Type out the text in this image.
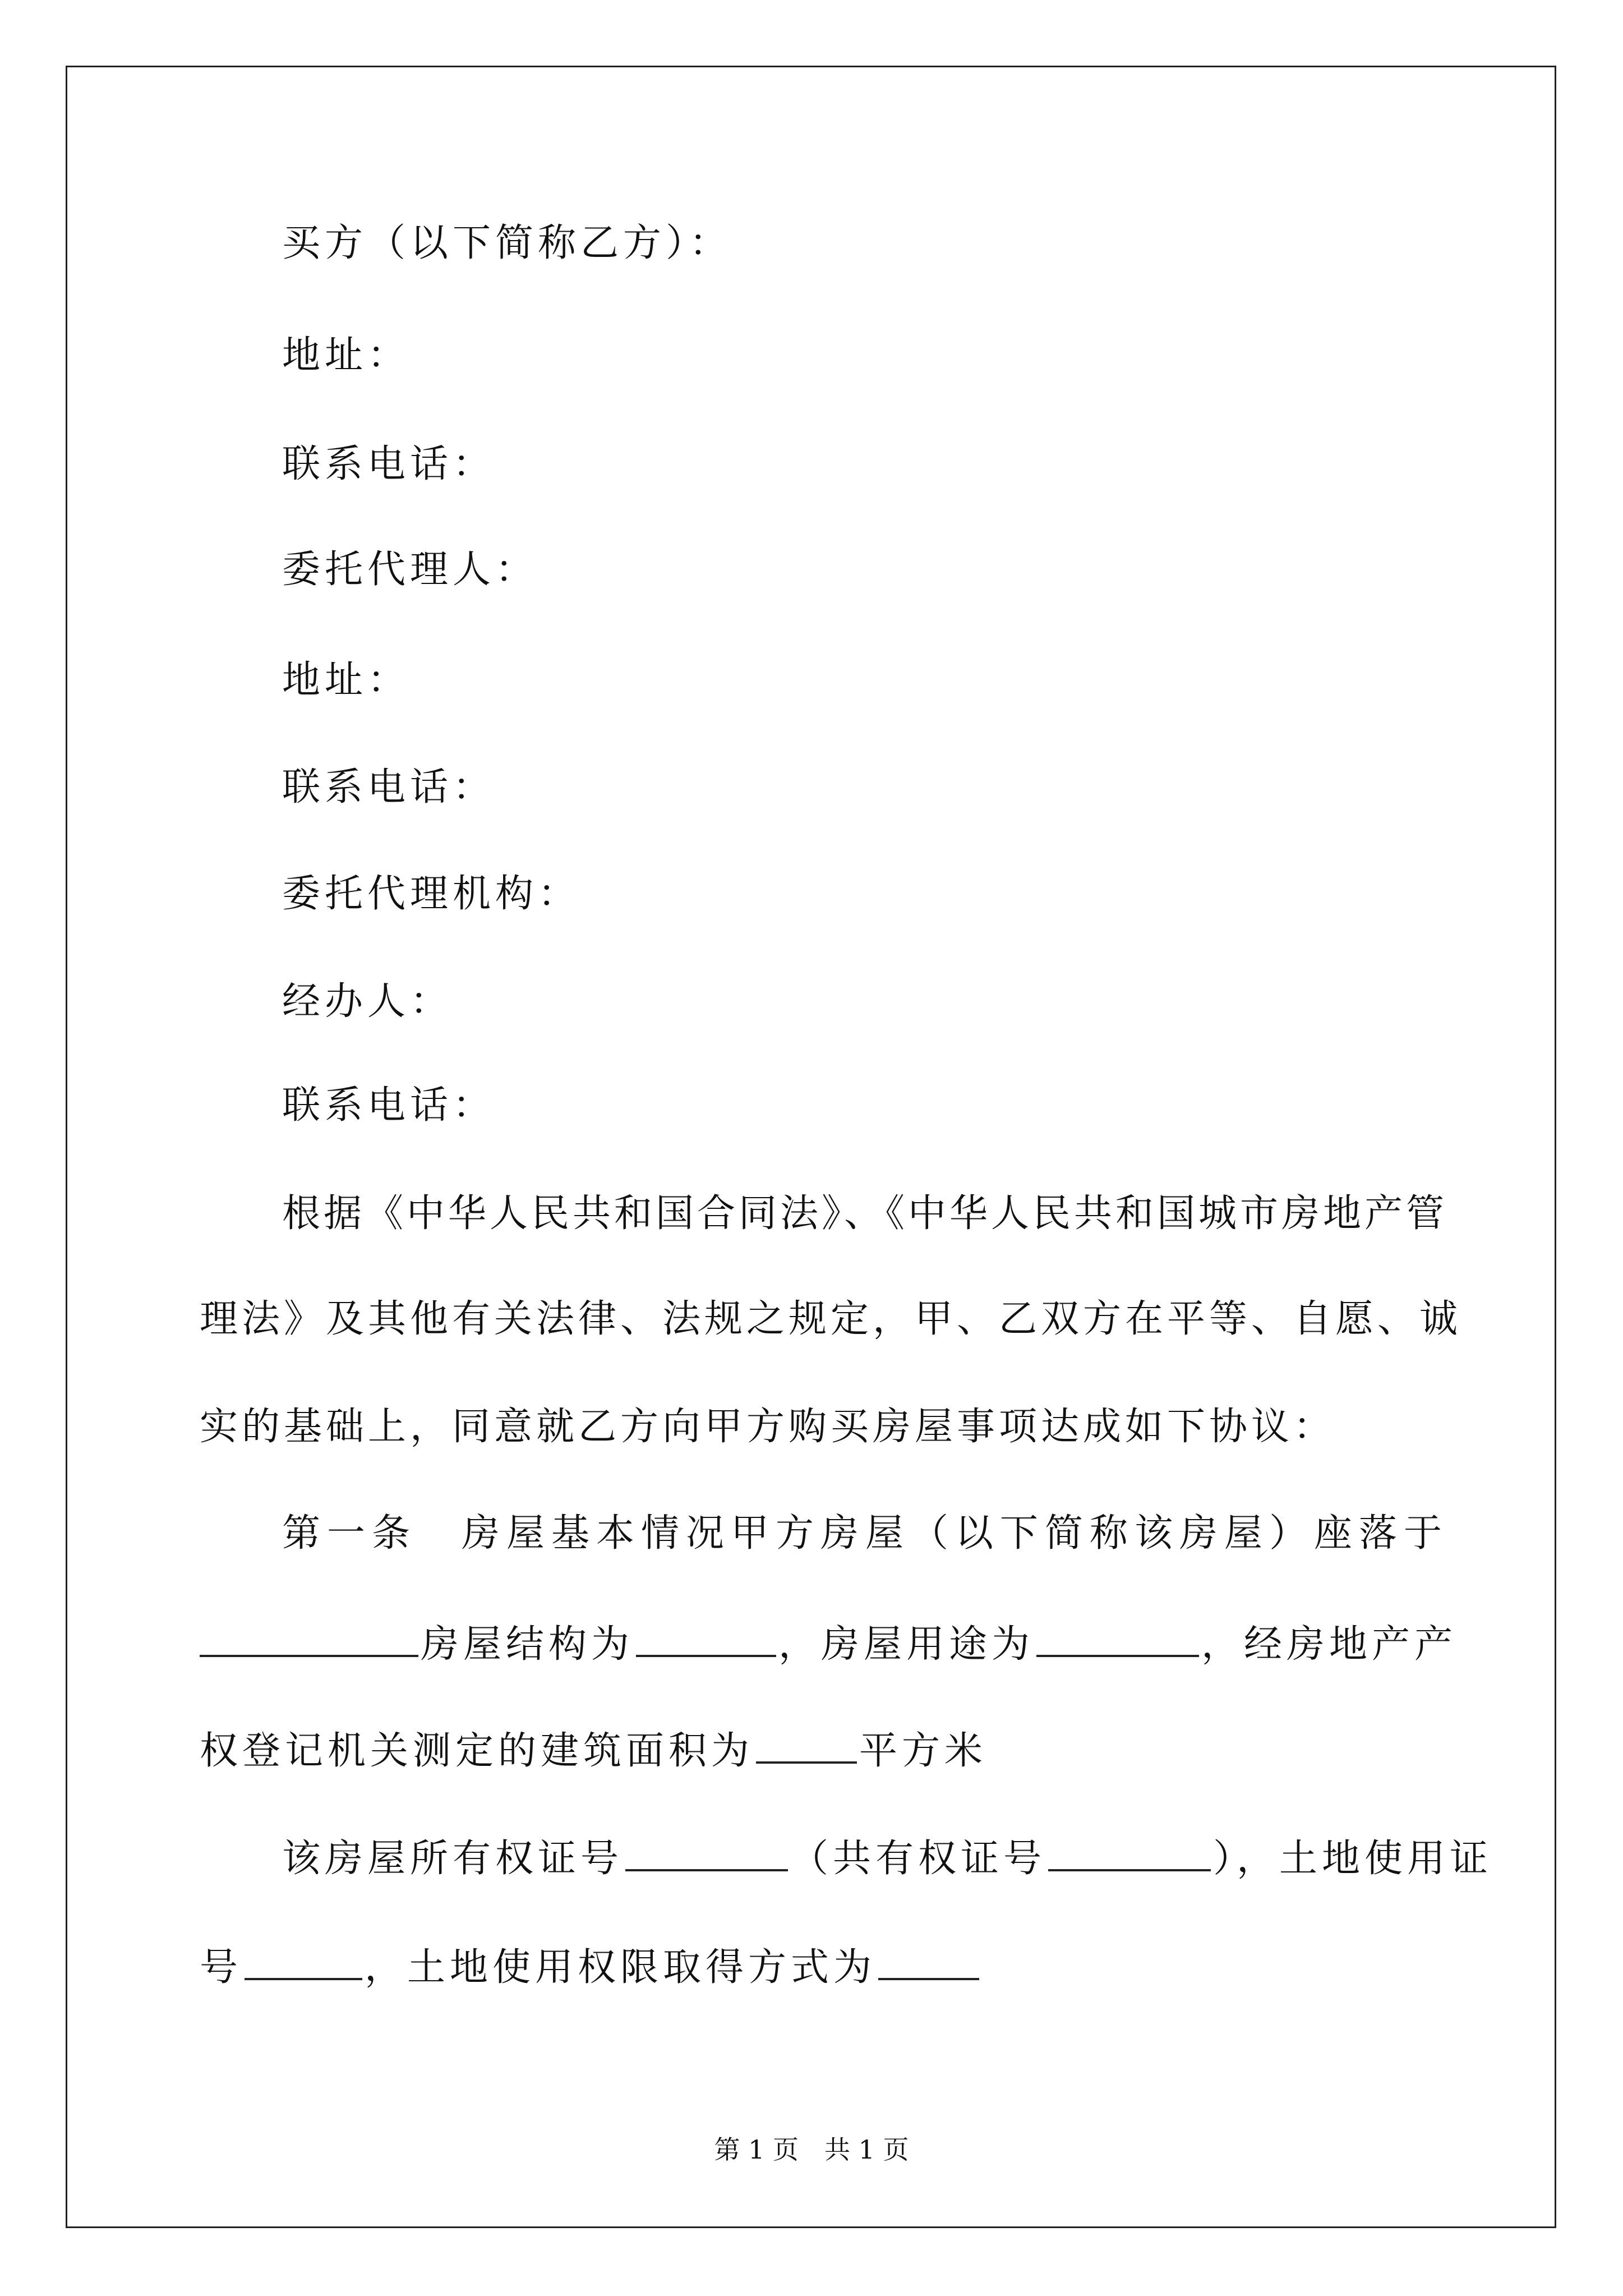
买方（以下简称乙方）：
地址：
联系电话：
委托代理人：
地址：
联系电话：
委托代理机构：
经办人：
联系电话：
根据《中华人民共和国合同法》、《中华人民共和国城市房地产管
理法》及其他有关法律、法规之规定，甲、乙双方在平等、自愿、诚
实的基础上，同意就乙方向甲方购买房屋事项达成如下协议：
第一条　房屋基本情况甲方房屋（以下简称该房屋）座落于
房屋结构为	，房屋用途为	，经房地产产
权登记机关测定的建筑面积为	平方米
该房屋所有权证号	（共有权证号	），土地使用证
号	，土地使用权限取得方式为
第 1 页　共 1 页
